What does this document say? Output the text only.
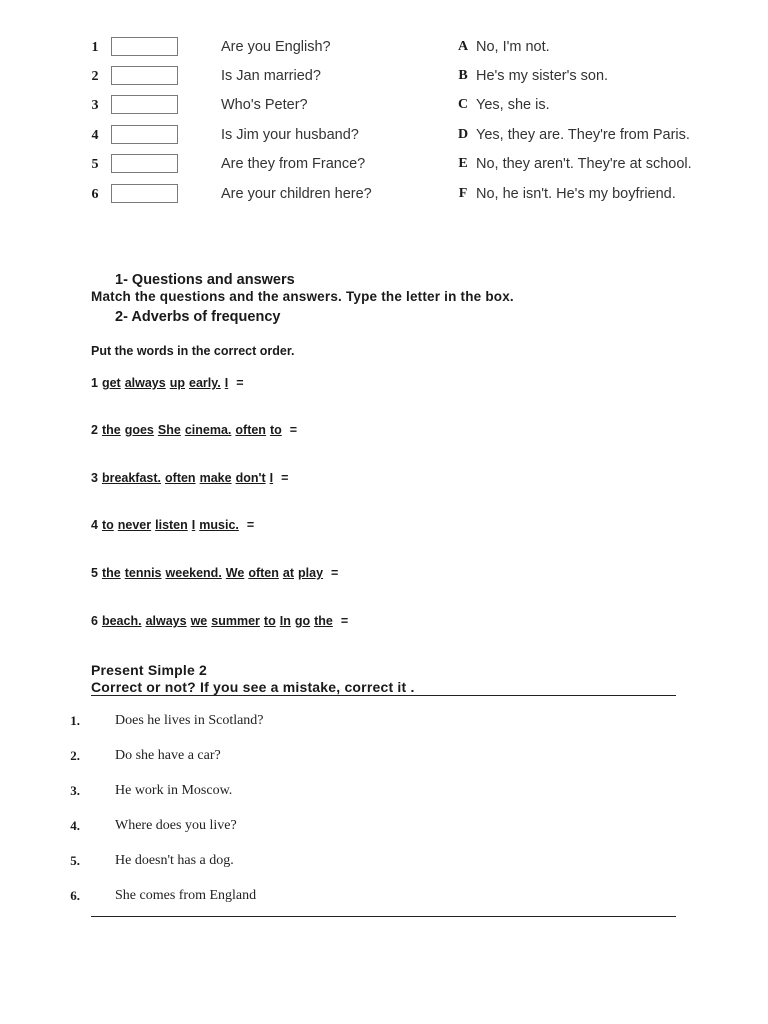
1	Are you English?	A No, I'm not.
2	Is Jan married?	B He's my sister's son.
3	Who's Peter?	C Yes, she is.
4	Is Jim your husband?	D Yes, they are. They're from Paris.
5	Are they from France?	E No, they aren't. They're at school.
6	Are your children here?	F No, he isn't. He's my boyfriend.
1- Questions and answers
Match the questions and the answers. Type the letter in the box.
2- Adverbs of frequency
Put the words in the correct order.
1 get always up early. I =
2 the goes She cinema. often to =
3 breakfast. often make don't I =
4 to never listen I music. =
5 the tennis weekend. We often at play =
6 beach. always we summer to In go the =
Present Simple 2
Correct or not? If you see a mistake, correct it .
1.	Does he lives in Scotland?
2.	Do she have a car?
3.	He work in Moscow.
4.	Where does you live?
5.	He doesn't has a dog.
6.	She comes from England
